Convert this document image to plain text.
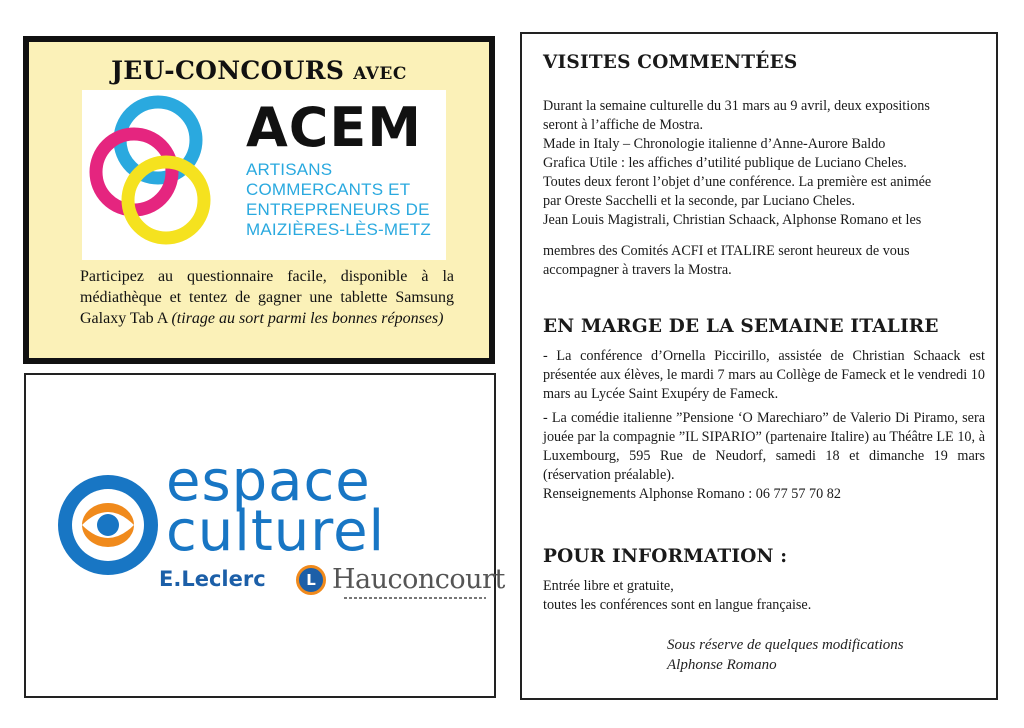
JEU-CONCOURS AVEC
ACEM
ARTISANS
COMMERCANTS ET
ENTREPRENEURS DE
MAIZIÈRES-LÈS-METZ
Participez au questionnaire facile, disponible à la médiathèque et tentez de gagner une tablette Samsung Galaxy Tab A (tirage au sort parmi les bonnes réponses)
espace
culturel
E.Leclerc	L Hauconcourt
VISITES COMMENTÉES
Durant la semaine culturelle du 31 mars au 9 avril, deux expositions
seront à l’affiche de Mostra.
Made in Italy – Chronologie italienne d’Anne-Aurore Baldo
Grafica Utile : les affiches d’utilité publique de Luciano Cheles.
Toutes deux feront l’objet d’une conférence. La première est animée
par Oreste Sacchelli et la seconde, par Luciano Cheles.
Jean Louis Magistrali, Christian Schaack, Alphonse Romano et les
membres des Comités ACFI et ITALIRE seront heureux de vous
accompagner à travers la Mostra.
EN MARGE DE LA SEMAINE ITALIRE
- La conférence d’Ornella Piccirillo, assistée de Christian Schaack est présentée aux élèves, le mardi 7 mars au Collège de Fameck et le vendredi 10 mars au Lycée Saint Exupéry de Fameck.
- La comédie italienne ”Pensione ‘O Marechiaro” de Valerio Di Piramo, sera jouée par la compagnie ”IL SIPARIO” (partenaire Italire) au Théâtre LE 10, à Luxembourg, 595 Rue de Neudorf, samedi 18 et dimanche 19 mars (réservation préalable).
Renseignements Alphonse Romano : 06 77 57 70 82
POUR INFORMATION :
Entrée libre et gratuite,
toutes les conférences sont en langue française.
Sous réserve de quelques modifications
Alphonse Romano
